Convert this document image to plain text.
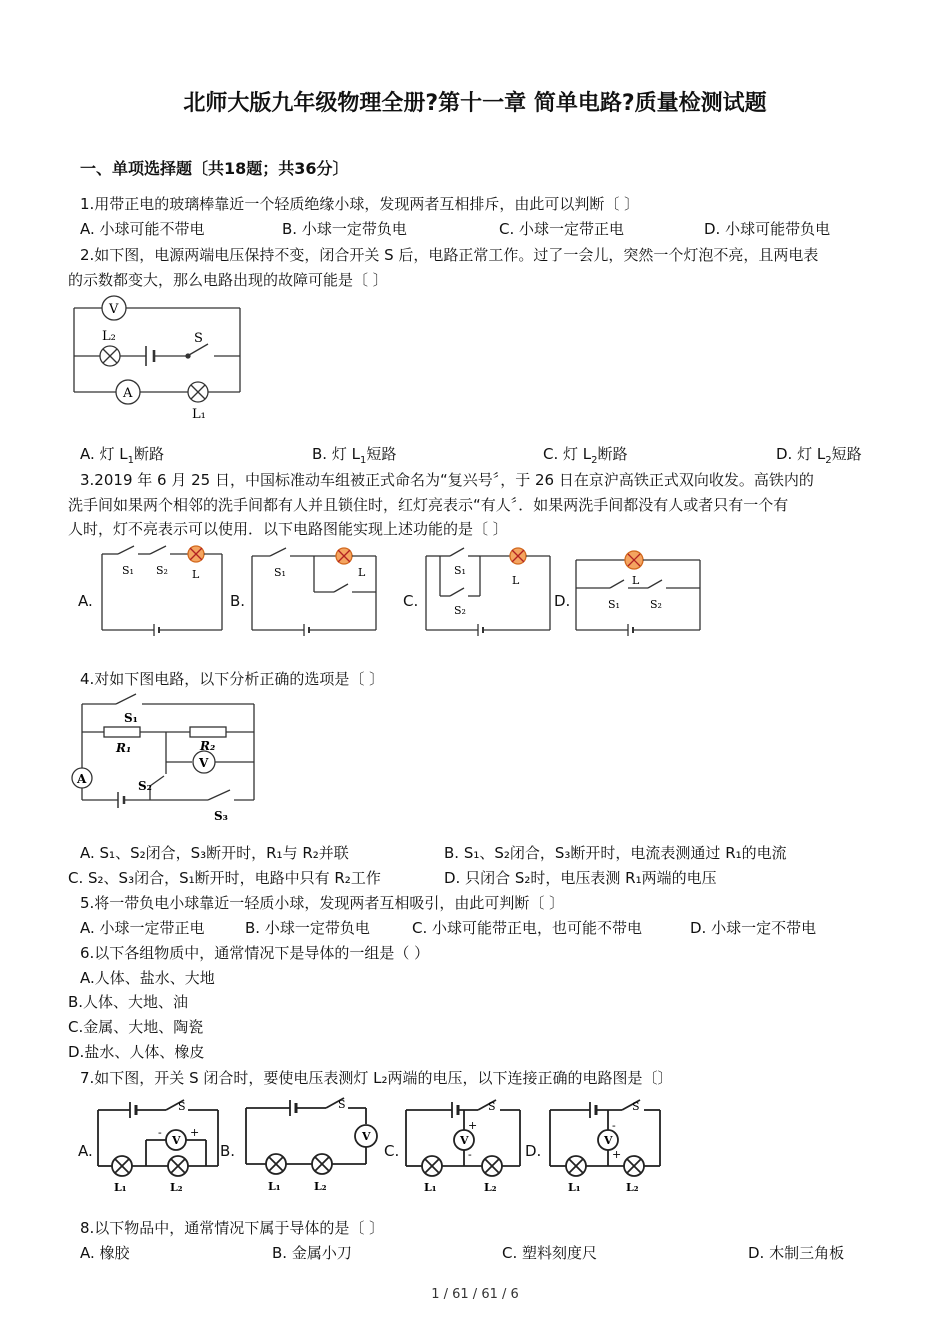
北师大版九年级物理全册?第十一章 简单电路?质量检测试题
一、单项选择题〔共18题；共36分〕
1.用带正电的玻璃棒靠近一个轻质绝缘小球，发现两者互相排斥，由此可以判断〔 〕
A. 小球可能不带电	B. 小球一定带负电	C. 小球一定带正电	D. 小球可能带负电
2.如下图，电源两端电压保持不变，闭合开关 S 后，电路正常工作。过了一会儿，突然一个灯泡不亮，且两电表
的示数都变大，那么电路出现的故障可能是〔 〕
V
A
L₂
L₁
S
A. 灯 $L_1$断路	B. 灯 $L_1$短路	C. 灯 $L_2$断路	D. 灯 $L_2$短路
3.2019 年 6 月 25 日，中国标准动车组被正式命名为“复兴号〞，于 26 日在京沪高铁正式双向收发。高铁内的
洗手间如果两个相邻的洗手间都有人并且锁住时，红灯亮表示“有人〞．如果两洗手间都没有人或者只有一个有
人时，灯不亮表示可以使用．以下电路图能实现上述功能的是〔 〕
A.	B.	C.	D.
S₁ S₂ L	S₁	L	S₁
S₂
L	L
S₁	S₂
4.对如下图电路，以下分析正确的选项是〔 〕
A
V
S₁
R₁	R₂
S₂
S₃
A. S₁、S₂闭合，S₃断开时，R₁与 R₂并联	B. S₁、S₂闭合，S₃断开时，电流表测通过 R₁的电流
C. S₂、S₃闭合，S₁断开时，电路中只有 R₂工作	D. 只闭合 S₂时，电压表测 R₁两端的电压
5.将一带负电小球靠近一轻质小球，发现两者互相吸引，由此可判断〔 〕
A. 小球一定带正电	B. 小球一定带负电	C. 小球可能带正电，也可能不带电	D. 小球一定不带电
6.以下各组物质中，通常情况下是导体的一组是（ ）
A.人体、盐水、大地
B.人体、大地、油
C.金属、大地、陶瓷
D.盐水、人体、橡皮
7.如下图，开关 S 闭合时，要使电压表测灯 L₂两端的电压，以下连接正确的电路图是〔〕
A.	B.	C.	D.
V
S
-	+
L₁	L₂
V
S
L₁	L₂
V
S
+
-
L₁	L₂
V
S
-
+
L₁	L₂
8.以下物品中，通常情况下属于导体的是〔 〕
A. 橡胶	B. 金属小刀	C. 塑料刻度尺	D. 木制三角板
1 / 61 / 61 / 6
